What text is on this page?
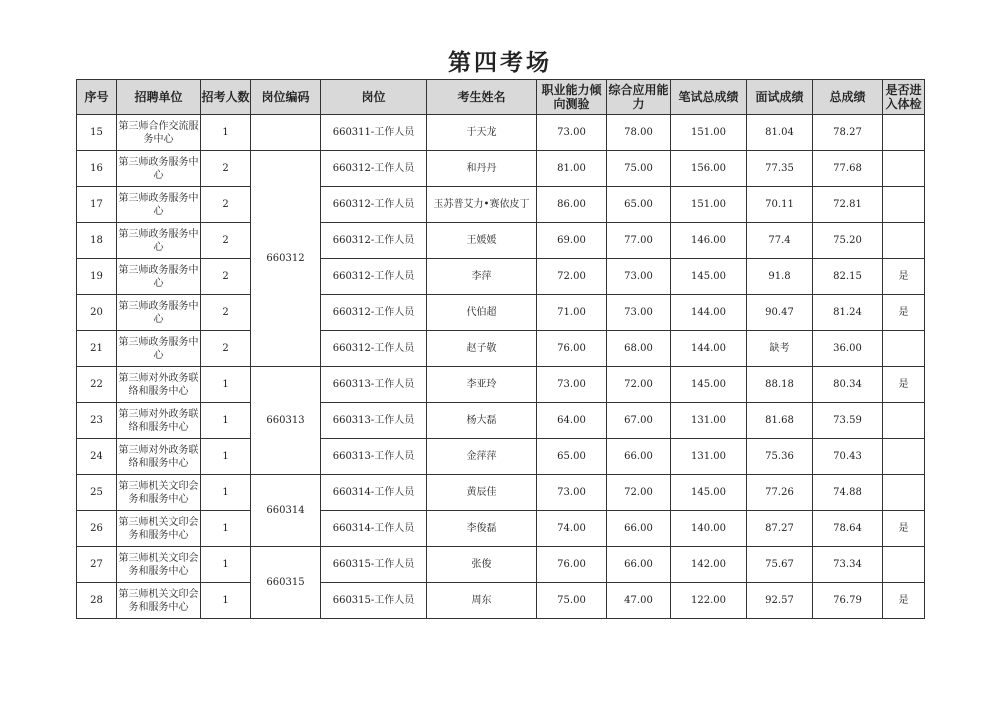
第四考场
序号	招聘单位	招考人数	岗位编码	岗位	考生姓名	职业能力倾向测验	综合应用能力	笔试总成绩	面试成绩	总成绩	是否进入体检
15	第三师合作交流服务中心	1		660311-工作人员	于天龙	73.00	78.00	151.00	81.04	78.27	
16	第三师政务服务中心	2	660312	660312-工作人员	和丹丹	81.00	75.00	156.00	77.35	77.68	
17	第三师政务服务中心	2		660312-工作人员	玉苏普艾力•赛依皮丁	86.00	65.00	151.00	70.11	72.81	
18	第三师政务服务中心	2		660312-工作人员	王媛媛	69.00	77.00	146.00	77.4	75.20	
19	第三师政务服务中心	2		660312-工作人员	李萍	72.00	73.00	145.00	91.8	82.15	是
20	第三师政务服务中心	2		660312-工作人员	代伯超	71.00	73.00	144.00	90.47	81.24	是
21	第三师政务服务中心	2		660312-工作人员	赵子敬	76.00	68.00	144.00	缺考	36.00	
22	第三师对外政务联络和服务中心	1	660313	660313-工作人员	李亚玲	73.00	72.00	145.00	88.18	80.34	是
23	第三师对外政务联络和服务中心	1		660313-工作人员	杨大磊	64.00	67.00	131.00	81.68	73.59	
24	第三师对外政务联络和服务中心	1		660313-工作人员	金萍萍	65.00	66.00	131.00	75.36	70.43	
25	第三师机关文印会务和服务中心	1	660314	660314-工作人员	黄辰佳	73.00	72.00	145.00	77.26	74.88	
26	第三师机关文印会务和服务中心	1		660314-工作人员	李俊磊	74.00	66.00	140.00	87.27	78.64	是
27	第三师机关文印会务和服务中心	1	660315	660315-工作人员	张俊	76.00	66.00	142.00	75.67	73.34	
28	第三师机关文印会务和服务中心	1		660315-工作人员	周东	75.00	47.00	122.00	92.57	76.79	是
